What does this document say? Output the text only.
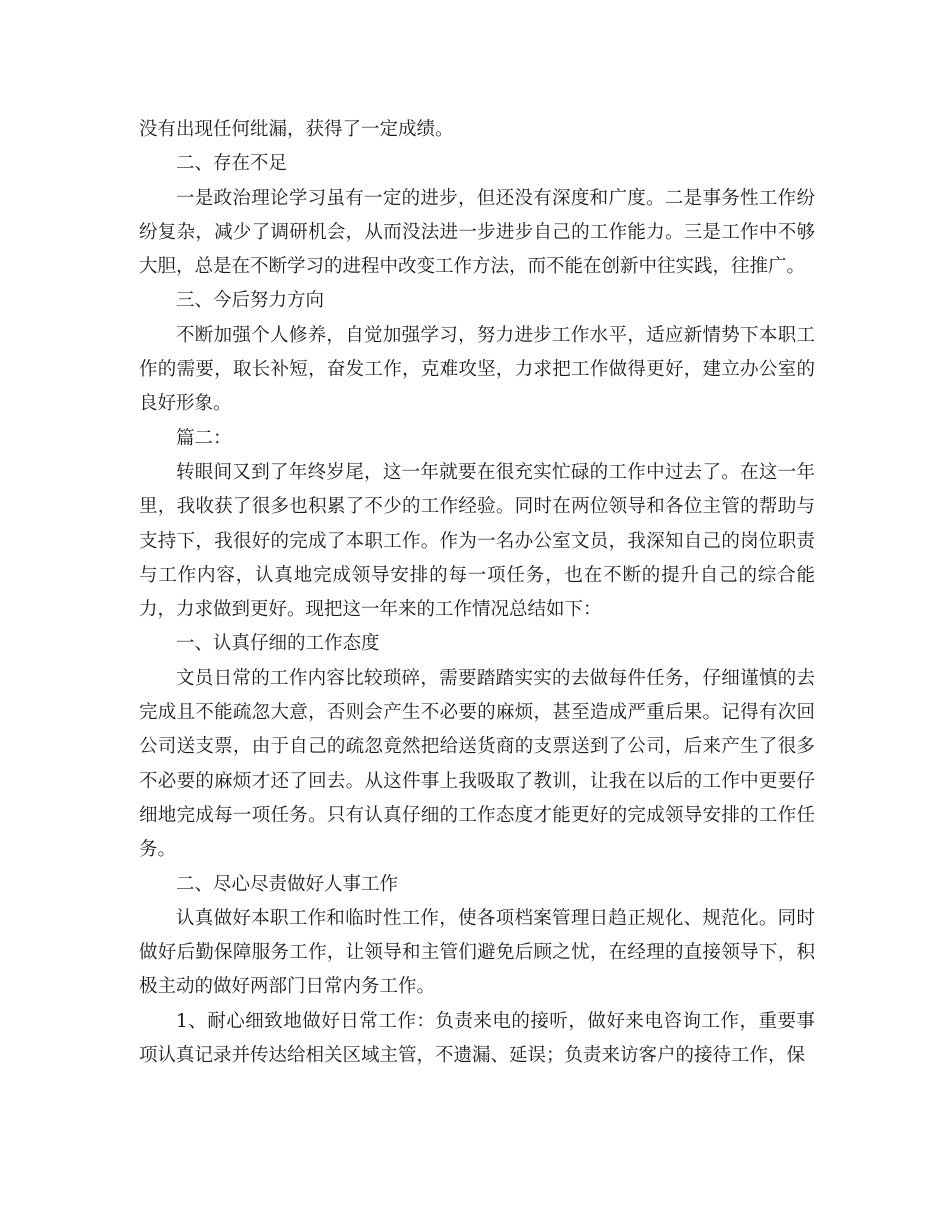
没有出现任何纰漏，获得了一定成绩。

二、存在不足

一是政治理论学习虽有一定的进步，但还没有深度和广度。二是事务性工作纷纷复杂，减少了调研机会，从而没法进一步进步自己的工作能力。三是工作中不够大胆，总是在不断学习的进程中改变工作方法，而不能在创新中往实践，往推广。

三、今后努力方向

不断加强个人修养，自觉加强学习，努力进步工作水平，适应新情势下本职工作的需要，取长补短，奋发工作，克难攻坚，力求把工作做得更好，建立办公室的良好形象。

篇二：

转眼间又到了年终岁尾，这一年就要在很充实忙碌的工作中过去了。在这一年里，我收获了很多也积累了不少的工作经验。同时在两位领导和各位主管的帮助与支持下，我很好的完成了本职工作。作为一名办公室文员，我深知自己的岗位职责与工作内容，认真地完成领导安排的每一项任务，也在不断的提升自己的综合能力，力求做到更好。现把这一年来的工作情况总结如下：

一、认真仔细的工作态度

文员日常的工作内容比较琐碎，需要踏踏实实的去做每件任务，仔细谨慎的去完成且不能疏忽大意，否则会产生不必要的麻烦，甚至造成严重后果。记得有次回公司送支票，由于自己的疏忽竟然把给送货商的支票送到了公司，后来产生了很多不必要的麻烦才还了回去。从这件事上我吸取了教训，让我在以后的工作中更要仔细地完成每一项任务。只有认真仔细的工作态度才能更好的完成领导安排的工作任务。

二、尽心尽责做好人事工作

认真做好本职工作和临时性工作，使各项档案管理日趋正规化、规范化。同时做好后勤保障服务工作，让领导和主管们避免后顾之忧，在经理的直接领导下，积极主动的做好两部门日常内务工作。

1、耐心细致地做好日常工作：负责来电的接听，做好来电咨询工作，重要事项认真记录并传达给相关区域主管，不遗漏、延误；负责来访客户的接待工作，保
